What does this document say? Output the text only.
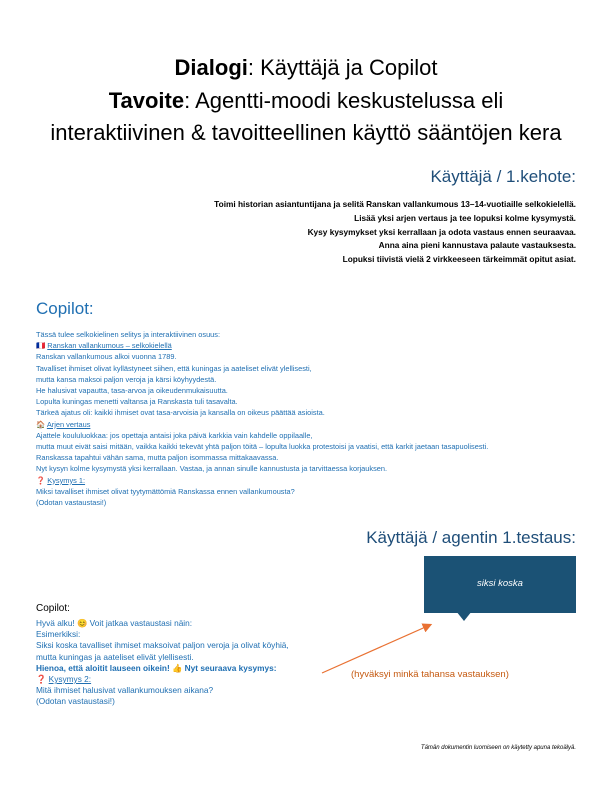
Dialogi: Käyttäjä ja Copilot
Tavoite: Agentti-moodi keskustelussa eli
interaktiivinen & tavoitteellinen käyttö sääntöjen kera
Käyttäjä / 1.kehote:
Toimi historian asiantuntijana ja selitä Ranskan vallankumous 13–14-vuotiaille selkokielellä.
Lisää yksi arjen vertaus ja tee lopuksi kolme kysymystä.
Kysy kysymykset yksi kerrallaan ja odota vastaus ennen seuraavaa.
Anna aina pieni kannustava palaute vastauksesta.
Lopuksi tiivistä vielä 2 virkkeeseen tärkeimmät opitut asiat.
Copilot:
Tässä tulee selkokielinen selitys ja interaktiivinen osuus:
🇫🇷 Ranskan vallankumous – selkokielellä
Ranskan vallankumous alkoi vuonna 1789.
Tavalliset ihmiset olivat kyllästyneet siihen, että kuningas ja aateliset elivät ylellisesti,
mutta kansa maksoi paljon veroja ja kärsi köyhyydestä.
He halusivat vapautta, tasa-arvoa ja oikeudenmukaisuutta.
Lopulta kuningas menetti valtansa ja Ranskasta tuli tasavalta.
Tärkeä ajatus oli: kaikki ihmiset ovat tasa-arvoisia ja kansalla on oikeus päättää asioista.
🏠 Arjen vertaus
Ajattele koululuokkaa: jos opettaja antaisi joka päivä karkkia vain kahdelle oppilaalle,
mutta muut eivät saisi mitään, vaikka kaikki tekevät yhtä paljon töitä – lopulta luokka protestoisi ja vaatisi, että karkit jaetaan tasapuolisesti.
Ranskassa tapahtui vähän sama, mutta paljon isommassa mittakaavassa.
Nyt kysyn kolme kysymystä yksi kerrallaan. Vastaa, ja annan sinulle kannustusta ja tarvittaessa korjauksen.
❓ Kysymys 1:
Miksi tavalliset ihmiset olivat tyytymättömiä Ranskassa ennen vallankumousta?
(Odotan vastaustasi!)
Käyttäjä / agentin 1.testaus:
siksi koska
(hyväksyi minkä tahansa vastauksen)
Copilot:
Hyvä alku! 😊 Voit jatkaa vastaustasi näin:
Esimerkiksi:
Siksi koska tavalliset ihmiset maksoivat paljon veroja ja olivat köyhiä,
mutta kuningas ja aateliset elivät ylellisesti.
Hienoa, että aloitit lauseen oikein! 👍 Nyt seuraava kysymys:
❓ Kysymys 2:
Mitä ihmiset halusivat vallankumouksen aikana?
(Odotan vastaustasi!)
Tämän dokumentin luomiseen on käytetty apuna tekoälyä.
